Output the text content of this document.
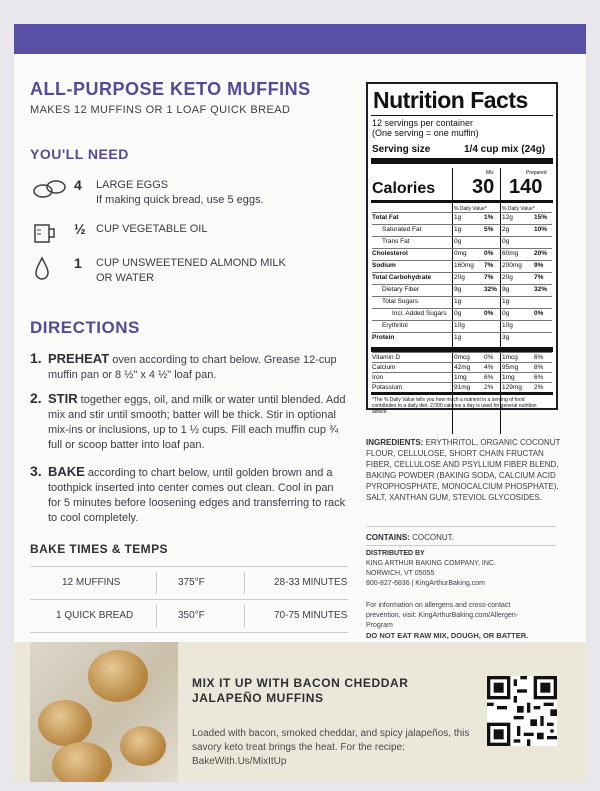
ALL-PURPOSE KETO MUFFINS
MAKES 12 MUFFINS OR 1 LOAF QUICK BREAD
YOU'LL NEED
4 LARGE EGGS
If making quick bread, use 5 eggs.
½ CUP VEGETABLE OIL
1 CUP UNSWEETENED ALMOND MILK OR WATER
DIRECTIONS
1. PREHEAT oven according to chart below. Grease 12-cup muffin pan or 8 ½" x 4 ½" loaf pan.
2. STIR together eggs, oil, and milk or water until blended. Add mix and stir until smooth; batter will be thick. Stir in optional mix-ins or inclusions, up to 1 ½ cups. Fill each muffin cup ¾ full or scoop batter into loaf pan.
3. BAKE according to chart below, until golden brown and a toothpick inserted into center comes out clean. Cool in pan for 5 minutes before loosening edges and transferring to rack to cool completely.
BAKE TIMES & TEMPS
12 MUFFINS	375°F	28-33 MINUTES
1 QUICK BREAD	350°F	70-75 MINUTES
Nutrition Facts
12 servings per container
(One serving = one muffin)
Serving size	1/4 cup mix (24g)
Mix	Prepared
Calories 30 140
% Daily Value*	% Daily Value*
Total Fat	1g	1% 12g	15%
Saturated Fat	1g	5% 2g	10%
Trans Fat	0g	0g
Cholesterol	0mg	0% 60mg 20%
Sodium	160mg 7% 200mg 9%
Total Carbohydrate	20g	7% 20g	7%
Dietary Fiber	9g	32% 9g	32%
Total Sugars	1g	1g
Incl. Added Sugars 0g	0% 0g	0%
Erythritol	10g	10g
Protein	1g	3g
Vitamin D	0mcg 0% 1mcg 6%
Calcium	42mg 4% 95mg 8%
Iron	1mg	6% 1mg	6%
Potassium	91mg 2% 129mg 2%
*The % Daily Value tells you how much a nutrient in a serving of food contributes to a daily diet. 2,000 calories a day is used for general nutrition advice.
INGREDIENTS: ERYTHRITOL, ORGANIC COCONUT FLOUR, CELLULOSE, SHORT CHAIN FRUCTAN FIBER, CELLULOSE AND PSYLLIUM FIBER BLEND, BAKING POWDER (BAKING SODA, CALCIUM ACID PYROPHOSPHATE, MONOCALCIUM PHOSPHATE), SALT, XANTHAN GUM, STEVIOL GLYCOSIDES.
CONTAINS: COCONUT.
DISTRIBUTED BY
KING ARTHUR BAKING COMPANY, INC.
NORWICH, VT 05055
800-827-6836 | KingArthurBaking.com
For information on allergens and cross-contact prevention, visit: KingArthurBaking.com/Allergen-Program
DO NOT EAT RAW MIX, DOUGH, OR BATTER.
MIX IT UP WITH BACON CHEDDAR JALAPEÑO MUFFINS
Loaded with bacon, smoked cheddar, and spicy jalapeños, this savory keto treat brings the heat. For the recipe: BakeWith.Us/MixItUp
